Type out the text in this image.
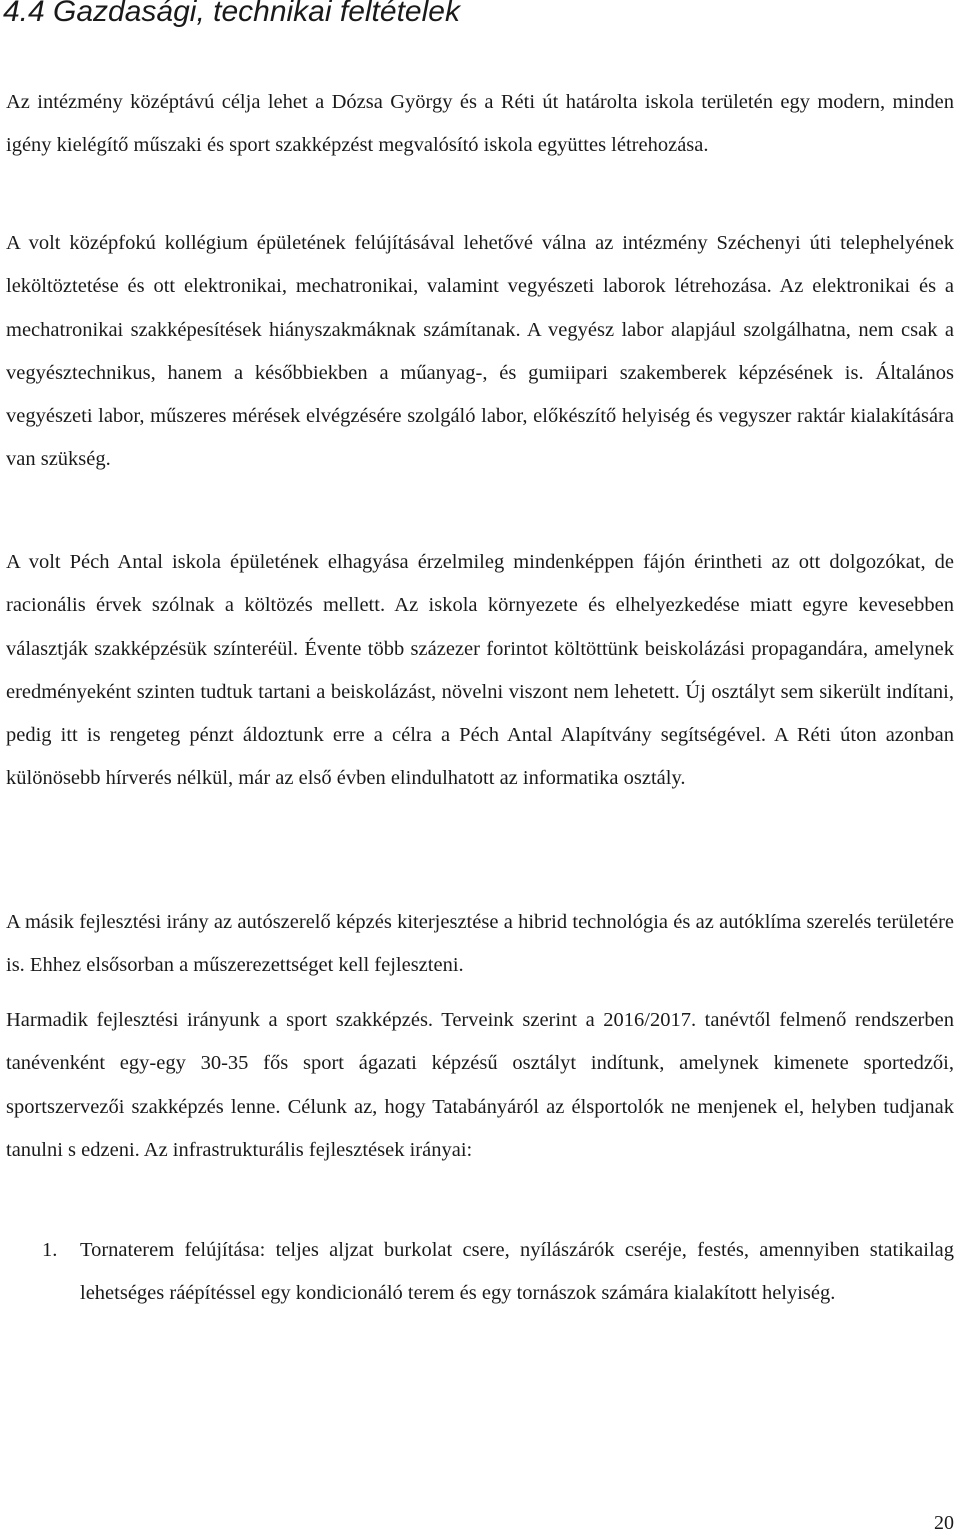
4.4 Gazdasági, technikai feltételek

Az intézmény középtávú célja lehet a Dózsa György és a Réti út határolta iskola területén egy modern, minden igény kielégítő műszaki és sport szakképzést megvalósító iskola együttes létrehozása.

A volt középfokú kollégium épületének felújításával lehetővé válna az intézmény Széchenyi úti telephelyének leköltöztetése és ott elektronikai, mechatronikai, valamint vegyészeti laborok létrehozása. Az elektronikai és a mechatronikai szakképesítések hiányszakmáknak számítanak. A vegyész labor alapjául szolgálhatna, nem csak a vegyésztechnikus, hanem a későbbiekben a műanyag-, és gumiipari szakemberek képzésének is. Általános vegyészeti labor, műszeres mérések elvégzésére szolgáló labor, előkészítő helyiség és vegyszer raktár kialakítására van szükség.

A volt Péch Antal iskola épületének elhagyása érzelmileg mindenképpen fájón érintheti az ott dolgozókat, de racionális érvek szólnak a költözés mellett. Az iskola környezete és elhelyezkedése miatt egyre kevesebben választják szakképzésük színteréül. Évente több százezer forintot költöttünk beiskolázási propagandára, amelynek eredményeként szinten tudtuk tartani a beiskolázást, növelni viszont nem lehetett. Új osztályt sem sikerült indítani, pedig itt is rengeteg pénzt áldoztunk erre a célra a Péch Antal Alapítvány segítségével. A Réti úton azonban különösebb hírverés nélkül, már az első évben elindulhatott az informatika osztály.

A másik fejlesztési irány az autószerelő képzés kiterjesztése a hibrid technológia és az autóklíma szerelés területére is. Ehhez elsősorban a műszerezettséget kell fejleszteni.

Harmadik fejlesztési irányunk a sport szakképzés. Terveink szerint a 2016/2017. tanévtől felmenő rendszerben tanévenként egy-egy 30-35 fős sport ágazati képzésű osztályt indítunk, amelynek kimenete sportedzői, sportszervezői szakképzés lenne. Célunk az, hogy Tatabányáról az élsportolók ne menjenek el, helyben tudjanak tanulni s edzeni. Az infrastrukturális fejlesztések irányai:

1. Tornaterem felújítása: teljes aljzat burkolat csere, nyílászárók cseréje, festés, amennyiben statikailag lehetséges ráépítéssel egy kondicionáló terem és egy tornászok számára kialakított helyiség.
20
